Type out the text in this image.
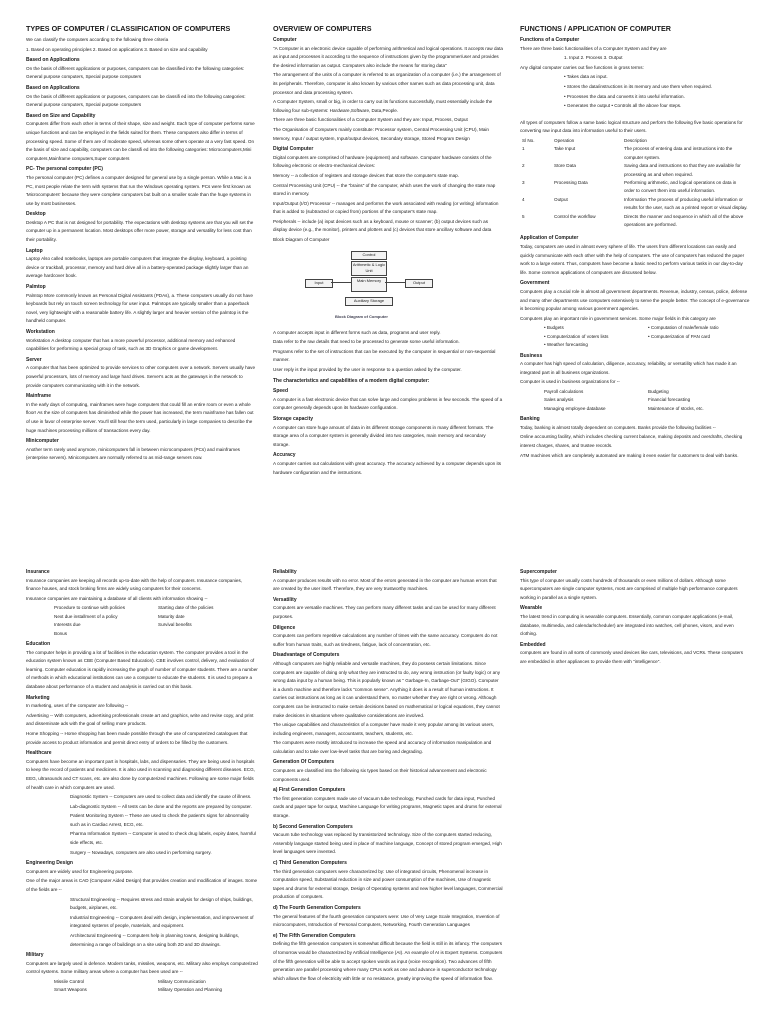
TYPES OF COMPUTER / CLASSIFICATION OF COMPUTERS

We can classify the computers according to the following three criteria

1. Based on operating principles 2. Based on applications 3. Based on size and capability

Based on Applications

On the basis of different applications or purposes, computers can be classified into the following categories: General purpose computers, Special purpose computers

Based on Applications

On the basis of different applications or purposes, computers can be classifi ed into the following categories: General purpose computers, Special purpose computers

Based on Size and Capability

Computers differ from each other in terms of their shape, size and weight. Each type of computer performs some unique functions and can be employed in the fields suited for them. These computers also differ in terms of processing speed. Some of them are of moderate speed, whereas some others operate at a very fast speed. On the basis of size and capability, computers can be classifi ed into the following categories: Microcomputers,Mini computers,Mainframe computers,Super computers

PC- The personal computer (PC)

The personal computer (PC) defines a computer designed for general use by a single person. While a Mac is a PC, most people relate the term with systems that run the Windows operating system. PCs were first known as 'Microcomputers' because they were complete computers but built on a smaller scale than the huge systems in use by most businesses.

Desktop

Desktop A PC that is not designed for portability. The expectations with desktop systems are that you will set the computer up in a permanent location. Most desktops offer more power, storage and versatility for less cost than their portability.

Laptop

Laptop Also called notebooks, laptops are portable computers that integrate the display, keyboard, a pointing device or trackball, processor, memory and hard drive all in a battery-operated package slightly larger than an average hardcover book.

Palmtop

Palmtop More commonly known as Personal Digital Assistants (PDAs), a. These computers usually do not have keyboards but rely on touch screen technology for user input. Palmtops are typically smaller than a paperback novel, very lightweight with a reasonable battery life. A slightly larger and heavier version of the palmtop is the handheld computer.

Workstation

Workstation A desktop computer that has a more powerful processor, additional memory and enhanced capabilities for performing a special group of task, such as 3D Graphics or game development.

Server

A computer that has been optimized to provide services to other computers over a network. Servers usually have powerful processors, lots of memory and large hard drives. Server's acts as the gateways in the network to provide computers communicating with it in the network.

Mainframe

In the early days of computing, mainframes were huge computers that could fill an entire room or even a whole floor! As the size of computers has diminished while the power has increased, the term mainframe has fallen out of use in favor of enterprise server. You'll still hear the term used, particularly in large companies to describe the huge machines processing millions of transactions every day.

Minicomputer

Another term rarely used anymore, minicomputers fall in between microcomputers (PCs) and mainframes (enterprise servers). Minicomputers are normally referred to as mid-range servers now.

OVERVIEW OF COMPUTERS
Computer

"A Computer is an electronic device capable of performing arithmetical and logical operations. It accepts raw data as input and processes it according to the sequence of instructions given by the programmer/user and provides the desired information as output. Computers also include the means for storing data"

The arrangement of the units of a computer is referred to as organization of a computer (i.e.) the arrangement of its peripherals. Therefore, computer is also known by various other names such as data processing unit, data processor and data processing system.

A Computer System, small or big, in order to carry out its functions successfully, must essentially include the following four sub-systems: Hardware,Software, Data,People.

There are three basic functionalities of a Computer System and they are: Input, Process, Output

The Organisation of Computers mainly constitute: Processor system, Central Processing Unit (CPU), Main Memory, Input / output system, Input/output devices, Secondary storage, Stored Program Design

Digital Computer

Digital computers are comprised of hardware (equipment) and software. Computer hardware consists of the following electronic or electro-mechanical devices:

Memory -- a collection of registers and storage devices that store the computer's state map.

Central Processing Unit (CPU) -- the "brains" of the computer, which uses the work of changing the state map stored in memory.

Input/Output (I/O) Processor -- manages and performs the work associated with reading (or writing) information that is added to (subtracted or copied from) portions of the computer's state map.

Peripherals -- include (a) input devices such as a keyboard, mouse or scanner; (b) output devices such as display device (e.g., the monitor), printers and plotters and (c) devices that store ancillary software and data

Block Diagram of Computer

Control
Arithmetic & Logic Unit
Main Memory
Input	Output
Auxiliary Storage
Block Diagram of Computer

A computer accepts input in different forms such as data, programs and user reply.

Data refer to the raw details that need to be processed to generate some useful information.

Programs refer to the set of instructions that can be executed by the computer in sequential or non-sequential manner.

User reply is the input provided by the user in response to a question asked by the computer.

The characteristics and capabilities of a modern digital computer:
Speed

A computer is a fast electronic device that can solve large and complex problems in few seconds. The speed of a computer generally depends upon its hardware configuration.

Storage capacity

A computer can store huge amount of data in its different storage components in many different formats. The storage area of a computer system is generally divided into two categories, main memory and secondary storage.

Accuracy

A computer carries out calculations with great accuracy. The accuracy achieved by a computer depends upon its hardware configuration and the instructions.

FUNCTIONS / APPLICATION OF COMPUTER
Functions of a Computer

There are three basic functionalities of a Computer System and they are

1. Input 2. Process 3. Output

Any digital computer carries out five functions in gross terms:

• Takes data as input.

• Stores the data/instructions in its memory and use them when required.

• Processes the data and converts it into useful information.

• Generates the output • Controls all the above four steps.

All types of computers follow a same basic logical structure and perform the following five basic operations for converting raw input data into information useful to their users.

Sl No.	Operation	Description
1	Take Input	The process of entering data and instructions into the computer system.
2	Store Data	Saving data and instructions so that they are available for processing as and when required.
3	Processing Data	Performing arithmetic, and logical operations on data in order to convert them into useful information.
4	Output	Information The process of producing useful information or results for the user, such as a printed report or visual display.
5	Control the workflow	Directs the manner and sequence in which all of the above operations are performed.
Application of Computer

Today, computers are used in almost every sphere of life. The users from different locations can easily and quickly communicate with each other with the help of computers. The use of computers has reduced the paper work to a large extent. Thus, computers have become a basic need to perform various tasks in our day-to-day life. Some common applications of computers are discussed below.

Government

Computers play a crucial role in almost all government departments. Revenue, industry, census, police, defense and many other departments use computers extensively to serve the people better. The concept of e-governance is becoming popular among various government agencies.

Computers play an important role in government services. Some major fields in this category are

• Budgets	• Computation of male/female ratio
• Computerization of voters lists	• Computerization of PAN card
• Weather forecasting	
Business

A computer has high speed of calculation, diligence, accuracy, reliability, or versatility which has made it an integrated part in all business organizations.

Computer is used in business organizations for --

Payroll calculations	Budgeting
Sales analysis	Financial forecasting
Managing employee database	Maintenance of stocks, etc.
Banking

Today, banking is almost totally dependent on computers. Banks provide the following facilities --

Online accounting facility, which includes checking current balance, making deposits and overdrafts, checking interest charges, shares, and trustee records.

ATM machines which are completely automated are making it even easier for customers to deal with banks.

Insurance

Insurance companies are keeping all records up-to-date with the help of computers. Insurance companies, finance houses, and stock broking firms are widely using computers for their concerns.

Insurance companies are maintaining a database of all clients with information showing --

Procedure to continue with policies	Starting date of the policies
Next due installment of a policy	Maturity date
Interests due	Survival benefits
Bonus	
Education

The computer helps in providing a lot of facilities in the education system. The computer provides a tool in the education system known as CBE (Computer Based Education). CBE involves control, delivery, and evaluation of learning. Computer education is rapidly increasing the graph of number of computer students. There are a number of methods in which educational institutions can use a computer to educate the students. It is used to prepare a database about performance of a student and analysis is carried out on this basis.

Marketing

In marketing, uses of the computer are following --

Advertising -- With computers, advertising professionals create art and graphics, write and revise copy, and print and disseminate ads with the goal of selling more products.

Home Shopping -- Home shopping has been made possible through the use of computerized catalogues that provide access to product information and permit direct entry of orders to be filled by the customers.

Healthcare

Computers have become an important part in hospitals, labs, and dispensaries. They are being used in hospitals to keep the record of patients and medicines. It is also used in scanning and diagnosing different diseases. ECG, EEG, ultrasounds and CT scans, etc. are also done by computerized machines. Following are some major fields of health care in which computers are used.

Diagnostic System -- Computers are used to collect data and identify the cause of illness.

Lab-diagnostic System -- All tests can be done and the reports are prepared by computer.

Patient Monitoring System -- These are used to check the patient's signs for abnormality such as in Cardiac Arrest, ECG, etc.

Pharma Information System -- Computer is used to check drug labels, expiry dates, harmful side effects, etc.

Surgery -- Nowadays, computers are also used in performing surgery.

Engineering Design

Computers are widely used for Engineering purpose.

One of the major areas is CAD (Computer Aided Design) that provides creation and modification of images. Some of the fields are --

Structural Engineering -- Requires stress and strain analysis for design of ships, buildings, budgets, airplanes, etc.

Industrial Engineering -- Computers deal with design, implementation, and improvement of integrated systems of people, materials, and equipment.

Architectural Engineering -- Computers help in planning towns, designing buildings, determining a range of buildings on a site using both 2D and 3D drawings.

Military

Computers are largely used in defence. Modern tanks, missiles, weapons, etc. Military also employs computerized control systems. Some military areas where a computer has been used are --

Missile Control	Military Communication
Smart Weapons	Military Operation and Planning
Reliability

A computer produces results with no error. Most of the errors generated in the computer are human errors that are created by the user itself. Therefore, they are very trustworthy machines.

Versatility

Computers are versatile machines. They can perform many different tasks and can be used for many different purposes.

Diligence

Computers can perform repetitive calculations any number of times with the same accuracy. Computers do not suffer from human traits, such as tiredness, fatigue, lack of concentration, etc.

Disadvantage of Computers

Although computers are highly reliable and versatile machines, they do possess certain limitations. Since computers are capable of doing only what they are instructed to do, any wrong instruction (or faulty logic) or any wrong data input by a human being. This is popularly known as " Garbage-In, Garbage-Out" (GIGO). Computer is a dumb machine and therefore lacks "common sense". Anything it does is a result of human instructions. It carries out instructions as long as it can understand them, no matter whether they are right or wrong. Although computers can be instructed to make certain decisions based on mathematical or logical equations, they cannot make decisions in situations where qualitative considerations are involved.

The unique capabilities and characteristics of a computer have made it very popular among its various users, including engineers, managers, accountants, teachers, students, etc.

The computers were mostly introduced to increase the speed and accuracy of information manipulation and calculation and to take over low-level tasks that are boring and degrading.

Generation Of Computers

Computers are classified into the following six types based on their historical advancement and electronic components used.

a) First Generation Computers

The first generation computers made use of Vacuum tube technology, Punched cards for data input, Punched cards and paper tape for output, Machine Language for writing programs, Magnetic tapes and drums for external storage.

b) Second Generation Computers

Vacuum tube technology was replaced by transistorized technology. Size of the computers started reducing, Assembly language started being used in place of machine language, Concept of stored program emerged, High level languages were invented.

c) Third Generation Computers

The third generation computers were characterized by: Use of integrated circuits, Phenomenal increase in computation speed, Substantial reduction in size and power consumption of the machines, Use of magnetic tapes and drums for external storage, Design of Operating systems and new higher level languages, Commercial production of computers.

d) The Fourth Generation Computers

The general features of the fourth generation computers were: Use of Very Large Scale Integration, Invention of microcomputers, Introduction of Personal Computers, Networking, Fourth Generation Languages

e) The Fifth Generation Computers

Defining the fifth generation computers is somewhat difficult because the field is still in its infancy. The computers of tomorrow would be characterized by Artificial Intelligence (AI). An example of AI is Expert Systems. Computers of the fifth generation will be able to accept spoken words as input (voice recognition). Two advances of fifth generation are parallel processing where many CPUs work as one and advance in superconductor technology which allows the flow of electricity with little or no resistance, greatly improving the speed of information flow.

Supercomputer

This type of computer usually costs hundreds of thousands or even millions of dollars. Although some supercomputers are single computer systems, most are comprised of multiple high performance computers working in parallel as a single system.

Wearable

The latest trend in computing is wearable computers. Essentially, common computer applications (e-mail, database, multimedia, and calendar/scheduler) are integrated into watches, cell phones, visors, and even clothing.

Embedded

computers are found in all sorts of commonly used devices like cars, televisions, and VCRs. These computers are embedded in other appliances to provide them with "intelligence".
